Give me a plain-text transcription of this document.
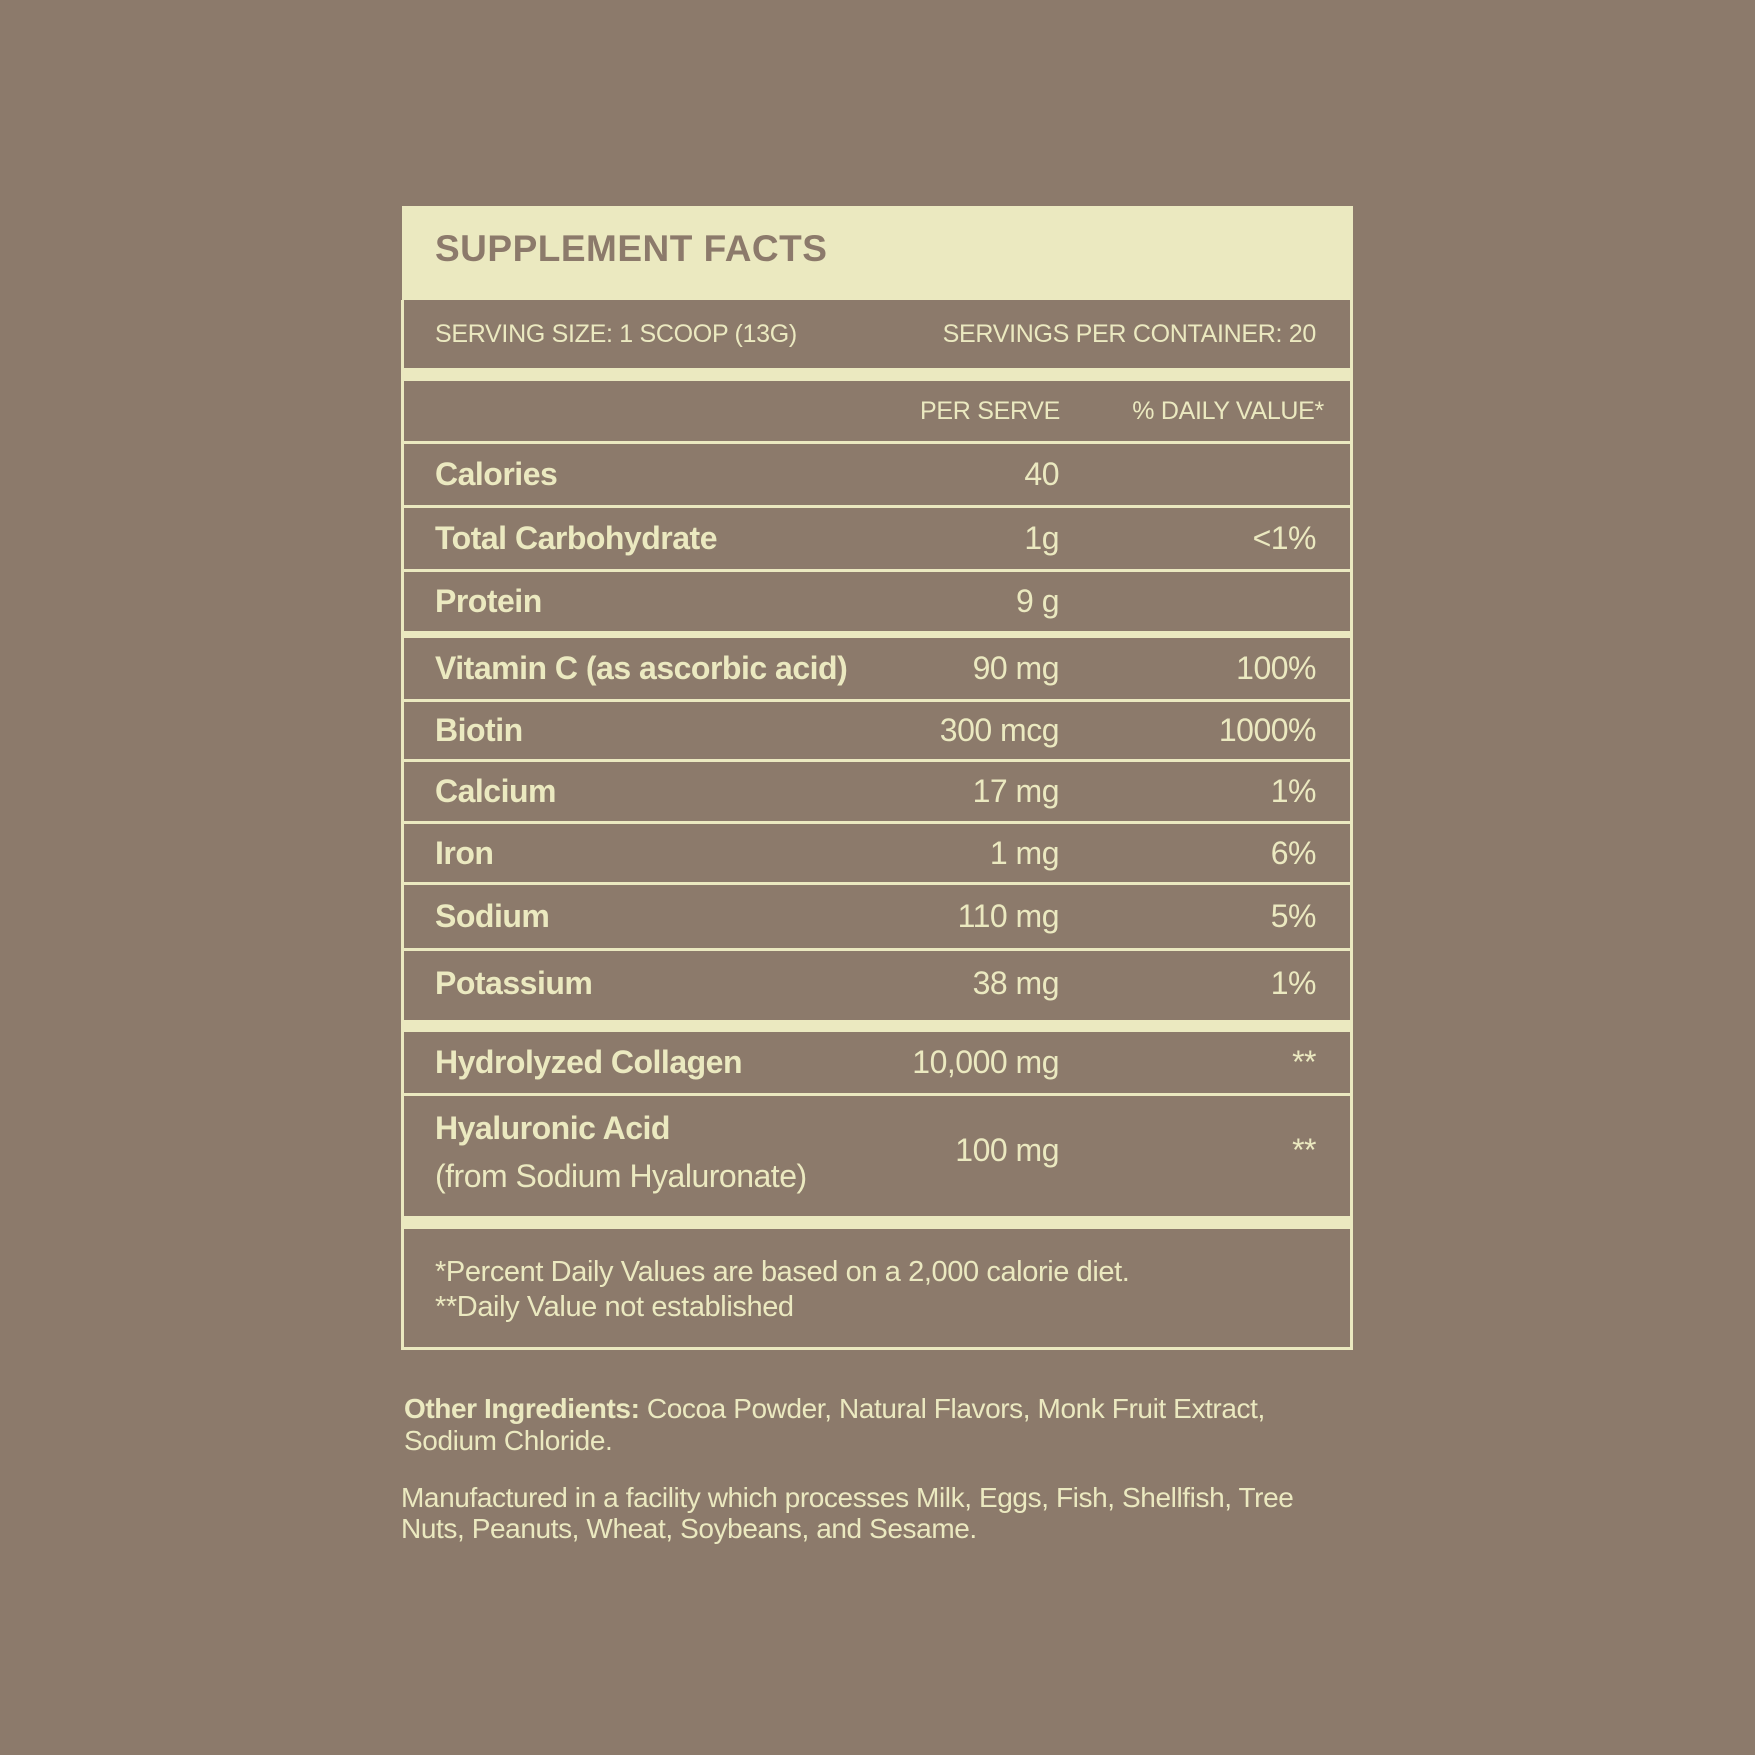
SUPPLEMENT FACTS
SERVING SIZE: 1 SCOOP (13G)	SERVINGS PER CONTAINER: 20
PER SERVE	% DAILY VALUE*
Calories	40
Total Carbohydrate	1g	<1%
Protein	9 g
Vitamin C (as ascorbic acid)	90 mg	100%
Biotin	300 mcg	1000%
Calcium	17 mg	1%
Iron	1 mg	6%
Sodium	110 mg	5%
Potassium	38 mg	1%
Hydrolyzed Collagen	10,000 mg	**
Hyaluronic Acid
(from Sodium Hyaluronate)
100 mg	**
*Percent Daily Values are based on a 2,000 calorie diet.
**Daily Value not established
Other Ingredients: Cocoa Powder, Natural Flavors, Monk Fruit Extract, Sodium Chloride.
Manufactured in a facility which processes Milk, Eggs, Fish, Shellfish, Tree Nuts, Peanuts, Wheat, Soybeans, and Sesame.
